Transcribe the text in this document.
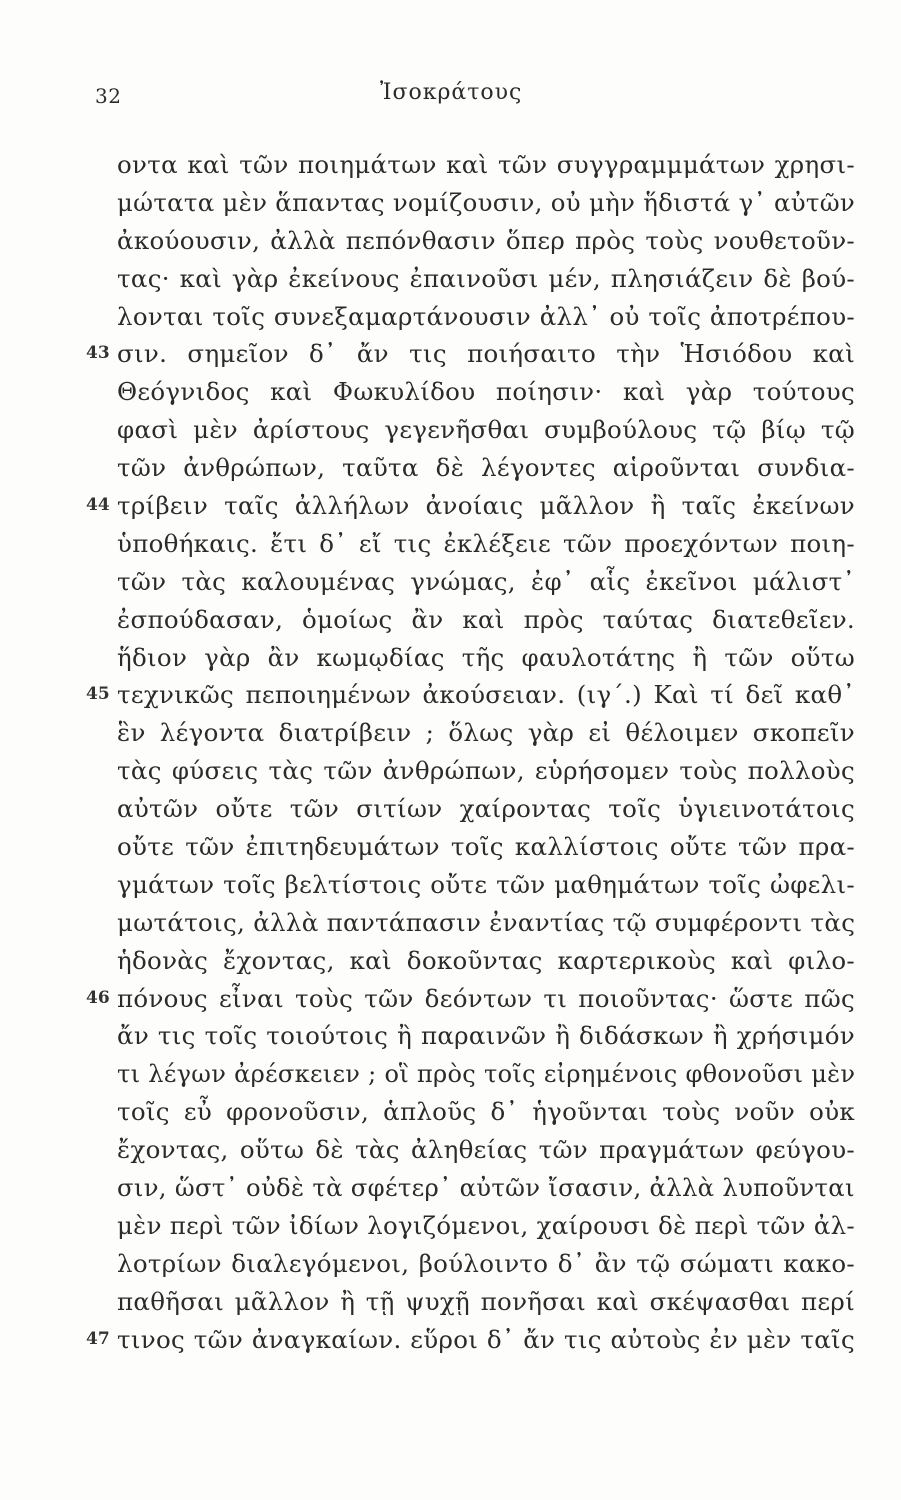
32	Ἰσοκράτους
οντα καὶ τῶν ποιημάτων καὶ τῶν συγγραμμμάτων χρησι-
μώτατα μὲν ἅπαντας νομίζουσιν, οὐ μὴν ἥδιστά γ᾽ αὐτῶν
ἀκούουσιν, ἀλλὰ πεπόνθασιν ὅπερ πρὸς τοὺς νουθετοῦν-
τας· καὶ γὰρ ἐκείνους ἐπαινοῦσι μέν, πλησιάζειν δὲ βού-
λονται τοῖς συνεξαμαρτάνουσιν ἀλλ᾽ οὐ τοῖς ἀποτρέπου-
43 σιν. σημεῖον δ᾽ ἄν τις ποιήσαιτο τὴν Ἡσιόδου καὶ
Θεόγνιδος καὶ Φωκυλίδου ποίησιν· καὶ γὰρ τούτους
φασὶ μὲν ἀρίστους γεγενῆσθαι συμβούλους τῷ βίῳ τῷ
τῶν ἀνθρώπων, ταῦτα δὲ λέγοντες αἱροῦνται συνδια-
44 τρίβειν ταῖς ἀλλήλων ἀνοίαις μᾶλλον ἢ ταῖς ἐκείνων
ὑποθήκαις. ἔτι δ᾽ εἴ τις ἐκλέξειε τῶν προεχόντων ποιη-
τῶν τὰς καλουμένας γνώμας, ἐφ᾽ αἷς ἐκεῖνοι μάλιστ᾽
ἐσπούδασαν, ὁμοίως ἂν καὶ πρὸς ταύτας διατεθεῖεν.
ἥδιον γὰρ ἂν κωμῳδίας τῆς φαυλοτάτης ἢ τῶν οὕτω
45 τεχνικῶς πεποιημένων ἀκούσειαν. (ιγ´.) Καὶ τί δεῖ καθ᾽
ἓν λέγοντα διατρίβειν ; ὅλως γὰρ εἰ θέλοιμεν σκοπεῖν
τὰς φύσεις τὰς τῶν ἀνθρώπων, εὑρήσομεν τοὺς πολλοὺς
αὐτῶν οὔτε τῶν σιτίων χαίροντας τοῖς ὑγιεινοτάτοις
οὔτε τῶν ἐπιτηδευμάτων τοῖς καλλίστοις οὔτε τῶν πρα-
γμάτων τοῖς βελτίστοις οὔτε τῶν μαθημάτων τοῖς ὠφελι-
μωτάτοις, ἀλλὰ παντάπασιν ἐναντίας τῷ συμφέροντι τὰς
ἡδονὰς ἔχοντας, καὶ δοκοῦντας καρτερικοὺς καὶ φιλο-
46 πόνους εἶναι τοὺς τῶν δεόντων τι ποιοῦντας· ὥστε πῶς
ἄν τις τοῖς τοιούτοις ἢ παραινῶν ἢ διδάσκων ἢ χρήσιμόν
τι λέγων ἀρέσκειεν ; οἳ πρὸς τοῖς εἰρημένοις φθονοῦσι μὲν
τοῖς εὖ φρονοῦσιν, ἁπλοῦς δ᾽ ἡγοῦνται τοὺς νοῦν οὐκ
ἔχοντας, οὕτω δὲ τὰς ἀληθείας τῶν πραγμάτων φεύγου-
σιν, ὥστ᾽ οὐδὲ τὰ σφέτερ᾽ αὐτῶν ἴσασιν, ἀλλὰ λυποῦνται
μὲν περὶ τῶν ἰδίων λογιζόμενοι, χαίρουσι δὲ περὶ τῶν ἀλ-
λοτρίων διαλεγόμενοι, βούλοιντο δ᾽ ἂν τῷ σώματι κακο-
παθῆσαι μᾶλλον ἢ τῇ ψυχῇ πονῆσαι καὶ σκέψασθαι περί
47 τινος τῶν ἀναγκαίων. εὕροι δ᾽ ἄν τις αὐτοὺς ἐν μὲν ταῖς
